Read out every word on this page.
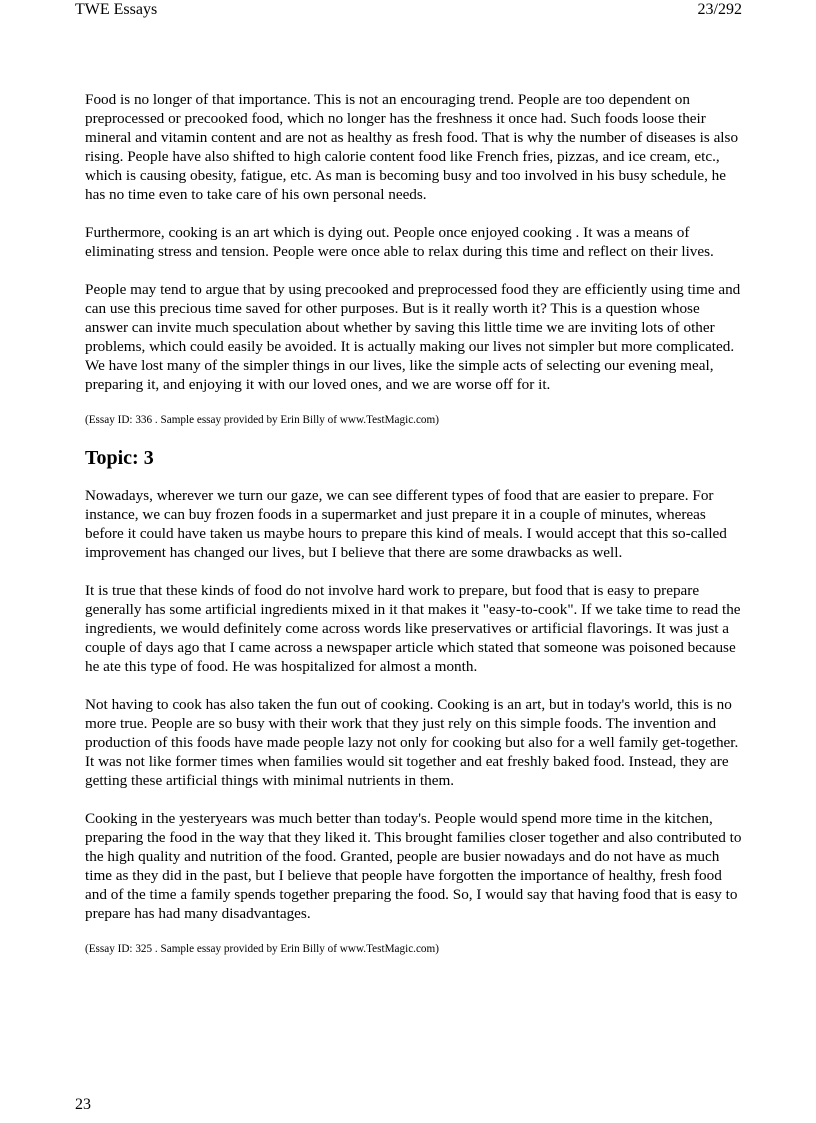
TWE Essays	23/292

Food is no longer of that importance. This is not an encouraging trend. People are too dependent on preprocessed or precooked food, which no longer has the freshness it once had. Such foods loose their mineral and vitamin content and are not as healthy as fresh food. That is why the number of diseases is also rising. People have also shifted to high calorie content food like French fries, pizzas, and ice cream, etc., which is causing obesity, fatigue, etc. As man is becoming busy and too involved in his busy schedule, he has no time even to take care of his own personal needs.

Furthermore, cooking is an art which is dying out. People once enjoyed cooking . It was a means of eliminating stress and tension. People were once able to relax during this time and reflect on their lives.

People may tend to argue that by using precooked and preprocessed food they are efficiently using time and can use this precious time saved for other purposes. But is it really worth it? This is a question whose answer can invite much speculation about whether by saving this little time we are inviting lots of other problems, which could easily be avoided. It is actually making our lives not simpler but more complicated. We have lost many of the simpler things in our lives, like the simple acts of selecting our evening meal, preparing it, and enjoying it with our loved ones, and we are worse off for it.

(Essay ID: 336 . Sample essay provided by Erin Billy of www.TestMagic.com)

Topic: 3

Nowadays, wherever we turn our gaze, we can see different types of food that are easier to prepare. For instance, we can buy frozen foods in a supermarket and just prepare it in a couple of minutes, whereas before it could have taken us maybe hours to prepare this kind of meals. I would accept that this so-called improvement has changed our lives, but I believe that there are some drawbacks as well.

It is true that these kinds of food do not involve hard work to prepare, but food that is easy to prepare generally has some artificial ingredients mixed in it that makes it "easy-to-cook". If we take time to read the ingredients, we would definitely come across words like preservatives or artificial flavorings. It was just a couple of days ago that I came across a newspaper article which stated that someone was poisoned because he ate this type of food. He was hospitalized for almost a month.

Not having to cook has also taken the fun out of cooking. Cooking is an art, but in today's world, this is no more true. People are so busy with their work that they just rely on this simple foods. The invention and production of this foods have made people lazy not only for cooking but also for a well family get-together. It was not like former times when families would sit together and eat freshly baked food. Instead, they are getting these artificial things with minimal nutrients in them.

Cooking in the yesteryears was much better than today's. People would spend more time in the kitchen, preparing the food in the way that they liked it. This brought families closer together and also contributed to the high quality and nutrition of the food. Granted, people are busier nowadays and do not have as much time as they did in the past, but I believe that people have forgotten the importance of healthy, fresh food and of the time a family spends together preparing the food. So, I would say that having food that is easy to prepare has had many disadvantages.

(Essay ID: 325 . Sample essay provided by Erin Billy of www.TestMagic.com)

23
